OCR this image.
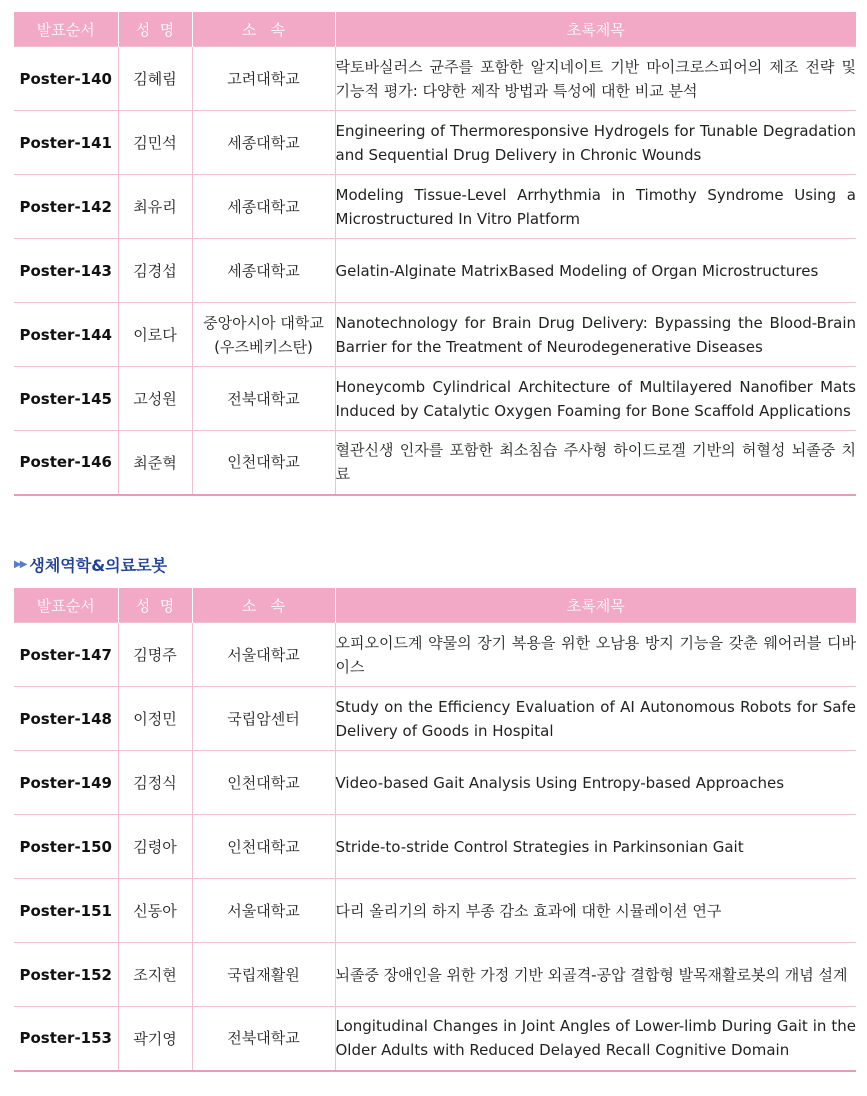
발표순서	성  명	소   속	초록제목
Poster-140	김혜림	고려대학교	락토바실러스 균주를 포함한 알지네이트 기반 마이크로스피어의 제조 전략 및 기능적 평가: 다양한 제작 방법과 특성에 대한 비교 분석
Poster-141	김민석	세종대학교	Engineering of Thermoresponsive Hydrogels for Tunable Degradation and Sequential Drug Delivery in Chronic Wounds
Poster-142	최유리	세종대학교	Modeling Tissue-Level Arrhythmia in Timothy Syndrome Using a Microstructured In Vitro Platform
Poster-143	김경섭	세종대학교	Gelatin-Alginate MatrixBased Modeling of Organ Microstructures
Poster-144	이로다	중앙아시아 대학교 (우즈베키스탄)	Nanotechnology for Brain Drug Delivery: Bypassing the Blood-Brain Barrier for the Treatment of Neurodegenerative Diseases
Poster-145	고성원	전북대학교	Honeycomb Cylindrical Architecture of Multilayered Nanofiber Mats Induced by Catalytic Oxygen Foaming for Bone Scaffold Applications
Poster-146	최준혁	인천대학교	혈관신생 인자를 포함한 최소침습 주사형 하이드로겔 기반의 허혈성 뇌졸중 치료
▶▶ 생체역학&의료로봇
발표순서	성  명	소   속	초록제목
Poster-147	김명주	서울대학교	오피오이드계 약물의 장기 복용을 위한 오남용 방지 기능을 갖춘 웨어러블 디바이스
Poster-148	이정민	국립암센터	Study on the Efficiency Evaluation of AI Autonomous Robots for Safe Delivery of Goods in Hospital
Poster-149	김정식	인천대학교	Video-based Gait Analysis Using Entropy-based Approaches
Poster-150	김령아	인천대학교	Stride-to-stride Control Strategies in Parkinsonian Gait
Poster-151	신동아	서울대학교	다리 올리기의 하지 부종 감소 효과에 대한 시뮬레이션 연구
Poster-152	조지현	국립재활원	뇌졸중 장애인을 위한 가정 기반 외골격-공압 결합형 발목재활로봇의 개념 설계
Poster-153	곽기영	전북대학교	Longitudinal Changes in Joint Angles of Lower-limb During Gait in the Older Adults with Reduced Delayed Recall Cognitive Domain
